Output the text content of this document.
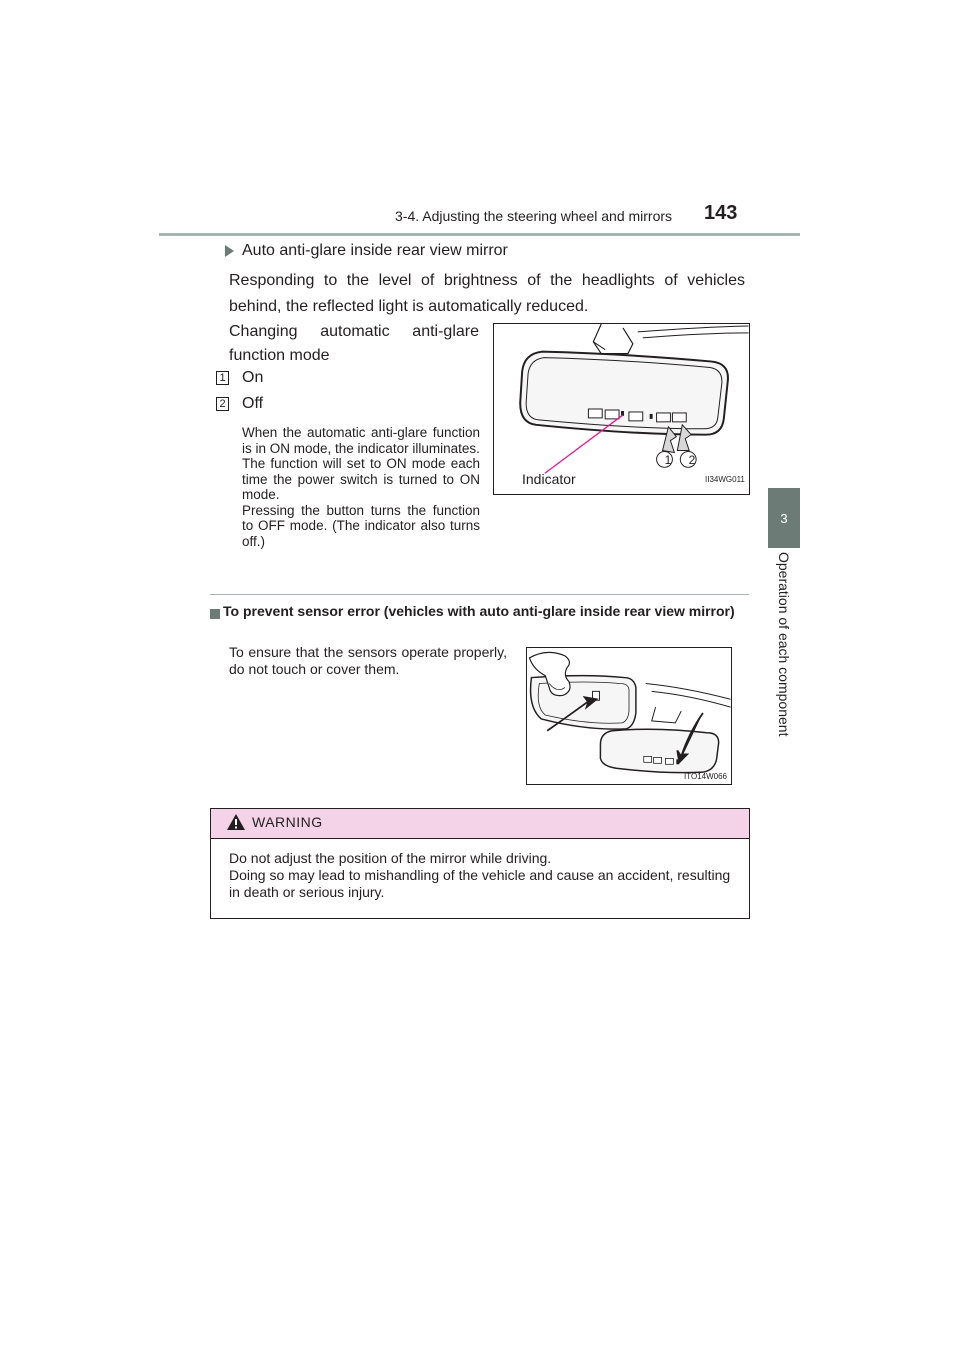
3-4. Adjusting the steering wheel and mirrors 143
3
Operation of each component
Auto anti-glare inside rear view mirror
Responding to the level of brightness of the headlights of vehicles behind, the reflected light is automatically reduced.
Changing automatic anti-glare function mode
1 On
2 Off

When the automatic anti-glare function is in ON mode, the indicator illuminates.

The function will set to ON mode each time the power switch is turned to ON mode.

Pressing the button turns the function to OFF mode. (The indicator also turns off.)

Indicator
1	2
II34WG011
To prevent sensor error (vehicles with auto anti-glare inside rear view mirror)
To ensure that the sensors operate properly, do not touch or cover them.
ITO14W066
WARNING

Do not adjust the position of the mirror while driving.

Doing so may lead to mishandling of the vehicle and cause an accident, resulting in death or serious injury.
